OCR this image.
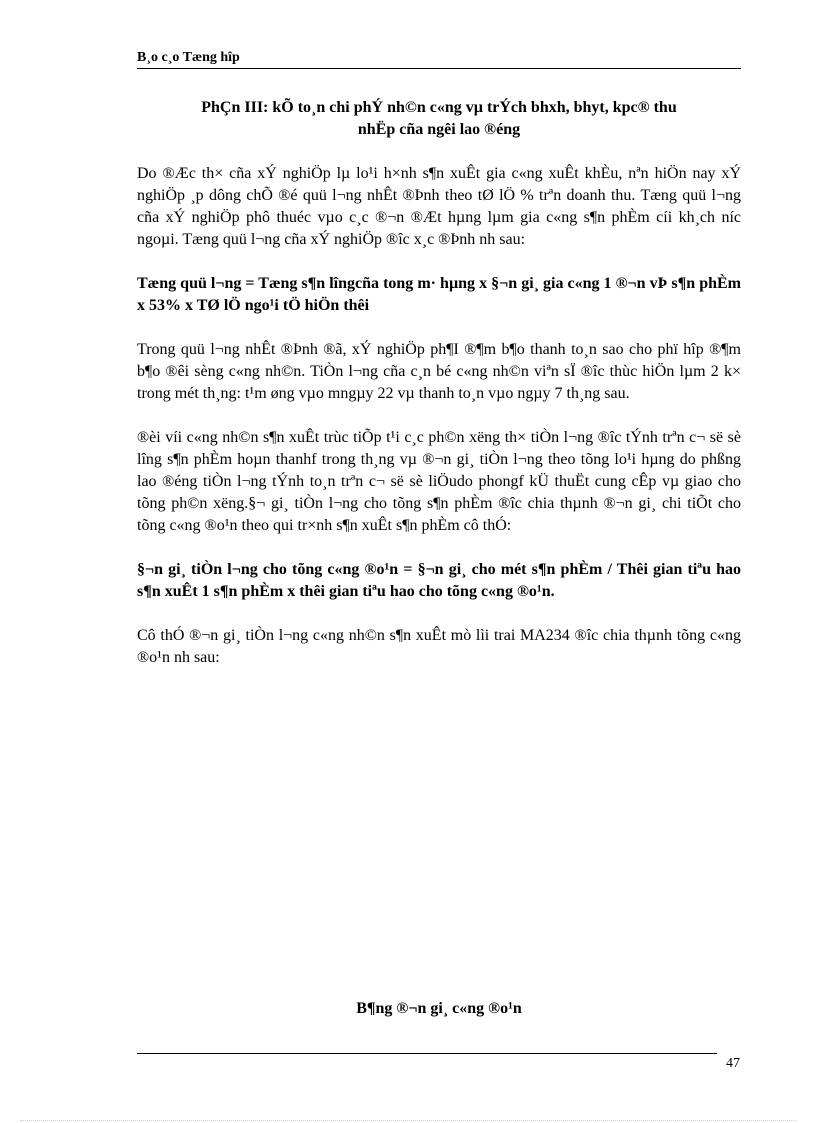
B¸o c¸o Tæng hîp

PhÇn III: kÕ to¸n chi phÝ nh©n c«ng vµ trÝch bhxh, bhyt, kpc® thu

nhËp cña ngêi lao ®éng

Do ®Æc th× cña xÝ nghiÖp lµ lo¹i h×nh s¶n xuÊt gia c«ng xuÊt khÈu, nªn hiÖn nay xÝ nghiÖp ¸p dông chÕ ®é quü l¬ng nhÊt ®Þnh theo tØ lÖ % trªn doanh thu. Tæng quü l¬ng cña xÝ nghiÖp phô thuéc vµo c¸c ®¬n ®Æt hµng lµm gia c«ng s¶n phÈm cíi kh¸ch níc ngoµi. Tæng quü l¬ng cña xÝ nghiÖp ®îc x¸c ®Þnh nh sau:

Tæng quü l¬ng = Tæng s¶n lîngcña tong m· hµng x §¬n gi¸ gia c«ng 1 ®¬n vÞ s¶n phÈm x 53% x TØ lÖ ngo¹i tÖ hiÖn thêi

Trong quü l¬ng nhÊt ®Þnh ®ã, xÝ nghiÖp ph¶I ®¶m b¶o thanh to¸n sao cho phï hîp ®¶m b¶o ®êi sèng c«ng nh©n. TiÒn l¬ng cña c¸n bé c«ng nh©n viªn sÏ ®îc thùc hiÖn lµm 2 k× trong mét th¸ng: t¹m øng vµo mngµy 22 vµ thanh to¸n vµo ngµy 7 th¸ng sau.

®èi víi c«ng nh©n s¶n xuÊt trùc tiÕp t¹i c¸c ph©n xëng th× tiÒn l¬ng ®îc tÝnh trªn c¬ së sè lîng s¶n phÈm hoµn thanhf trong th¸ng vµ ®¬n gi¸ tiÒn l¬ng theo tõng lo¹i hµng do phßng lao ®éng tiÒn l¬ng tÝnh to¸n trªn c¬ së sè liÖudo phongf kÜ thuËt cung cÊp vµ giao cho tõng ph©n xëng.§¬ gi¸ tiÒn l¬ng cho tõng s¶n phÈm ®îc chia thµnh ®¬n gi¸ chi tiÕt cho tõng c«ng ®o¹n theo qui tr×nh s¶n xuÊt s¶n phÈm cô thÓ:

§¬n gi¸ tiÒn l¬ng cho tõng c«ng ®o¹n = §¬n gi¸ cho mét s¶n phÈm / Thêi gian tiªu hao s¶n xuÊt 1 s¶n phÈm x thêi gian tiªu hao cho tõng c«ng ®o¹n.

Cô thÓ ®¬n gi¸ tiÒn l¬ng c«ng nh©n s¶n xuÊt mò lìi trai MA234 ®îc chia thµnh tõng c«ng ®o¹n nh sau:

B¶ng ®¬n gi¸ c«ng ®o¹n
47
